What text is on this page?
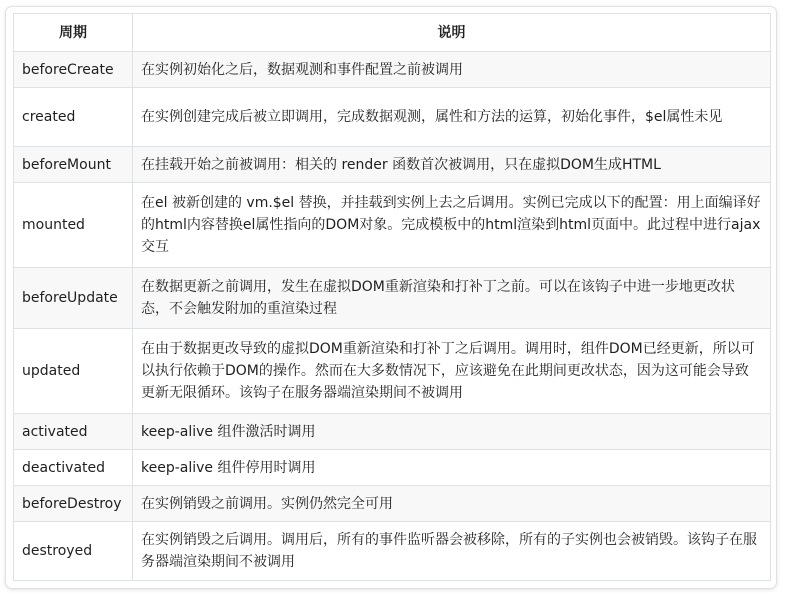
周期	说明
beforeCreate	在实例初始化之后，数据观测和事件配置之前被调用
created	在实例创建完成后被立即调用，完成数据观测，属性和方法的运算，初始化事件，$el属性未见
beforeMount	在挂载开始之前被调用：相关的 render 函数首次被调用，只在虚拟DOM生成HTML
mounted	在el 被新创建的 vm.$el 替换，并挂载到实例上去之后调用。实例已完成以下的配置：用上面编译好的html内容替换el属性指向的DOM对象。完成模板中的html渲染到html页面中。此过程中进行ajax交互
beforeUpdate	在数据更新之前调用，发生在虚拟DOM重新渲染和打补丁之前。可以在该钩子中进一步地更改状态，不会触发附加的重渲染过程
updated	在由于数据更改导致的虚拟DOM重新渲染和打补丁之后调用。调用时，组件DOM已经更新，所以可以执行依赖于DOM的操作。然而在大多数情况下，应该避免在此期间更改状态，因为这可能会导致更新无限循环。该钩子在服务器端渲染期间不被调用
activated	keep-alive 组件激活时调用
deactivated	keep-alive 组件停用时调用
beforeDestroy	在实例销毁之前调用。实例仍然完全可用
destroyed	在实例销毁之后调用。调用后，所有的事件监听器会被移除，所有的子实例也会被销毁。该钩子在服务器端渲染期间不被调用
